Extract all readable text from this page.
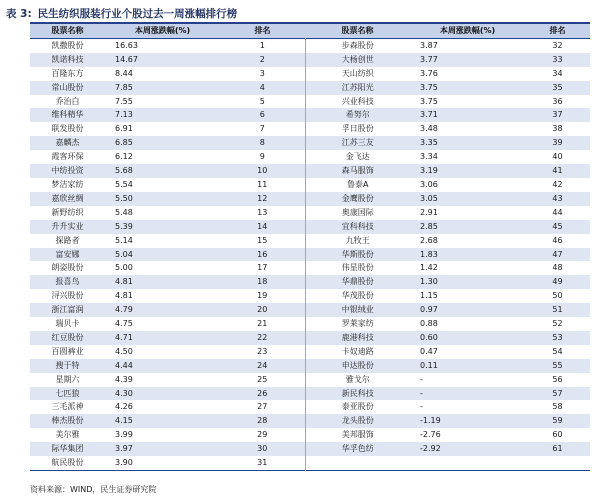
表 3: 民生纺织服装行业个股过去一周涨幅排行榜
股票名称	本周涨跌幅(%)	排名	股票名称	本周涨跌幅(%)	排名
凯撒股份	16.63	1	步森股份	3.87	32
凯诺科技	14.67	2	大杨创世	3.77	33
百隆东方	8.44	3	天山纺织	3.76	34
常山股份	7.85	4	江苏阳光	3.75	35
乔治白	7.55	5	兴业科技	3.75	36
维科精华	7.13	6	希努尔	3.71	37
联发股份	6.91	7	孚日股份	3.48	38
嘉麟杰	6.85	8	江苏三友	3.35	39
霞客环保	6.12	9	金飞达	3.34	40
中纺投资	5.68	10	森马服饰	3.19	41
梦洁家纺	5.54	11	鲁泰A	3.06	42
嘉欣丝绸	5.50	12	金鹰股份	3.05	43
新野纺织	5.48	13	奥康国际	2.91	44
升升实业	5.39	14	宜科科技	2.85	45
探路者	5.14	15	九牧王	2.68	46
富安娜	5.04	16	华斯股份	1.83	47
朗姿股份	5.00	17	伟星股份	1.42	48
报喜鸟	4.81	18	华鼎股份	1.30	49
浔兴股份	4.81	19	华茂股份	1.15	50
浙江富润	4.79	20	中银绒业	0.97	51
瑞贝卡	4.75	21	罗莱家纺	0.88	52
红豆股份	4.71	22	鹿港科技	0.60	53
百圆裤业	4.50	23	卡奴迪路	0.47	54
搜于特	4.44	24	申达股份	0.11	55
星期六	4.39	25	雅戈尔	-	56
七匹狼	4.30	26	新民科技	-	57
三毛派神	4.26	27	泰亚股份	-	58
棒杰股份	4.15	28	龙头股份	-1.19	59
美尔雅	3.99	29	美邦服饰	-2.76	60
际华集团	3.97	30	华孚色纺	-2.92	61
航民股份	3.90	31			
资料来源：WIND，民生证券研究院
